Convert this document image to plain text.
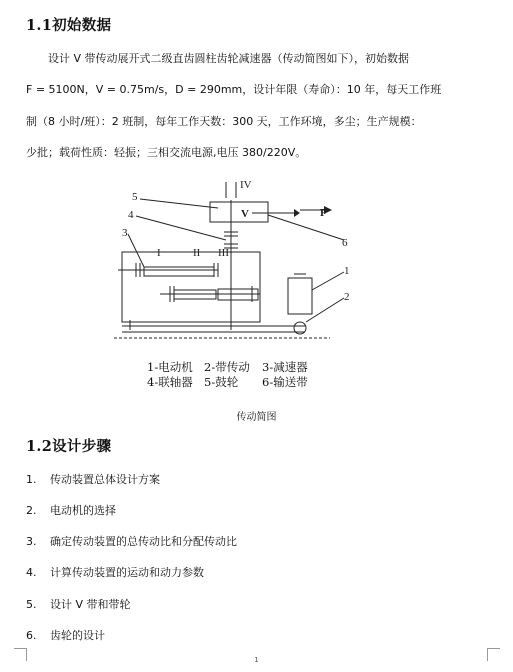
1.1初始数据
设计 V 带传动展开式二级直齿圆柱齿轮减速器（传动简图如下），初始数据
F = 5100N，V = 0.75m/s，D = 290mm，设计年限（寿命）：10 年，每天工作班
制（8 小时/班）：2 班制，每年工作天数：300 天，工作环境，多尘；生产规模：
少批；载荷性质：轻振；三相交流电源,电压 380/220V。
IV
I	II III
V	F
5
4
3
6
1
2
1-电动机 2-带传动 3-减速器
4-联轴器 5-鼓轮 6-输送带
传动简图
1.2设计步骤
1. 传动装置总体设计方案
2. 电动机的选择
3. 确定传动装置的总传动比和分配传动比
4. 计算传动装置的运动和动力参数
5. 设计 V 带和带轮
6. 齿轮的设计
1
